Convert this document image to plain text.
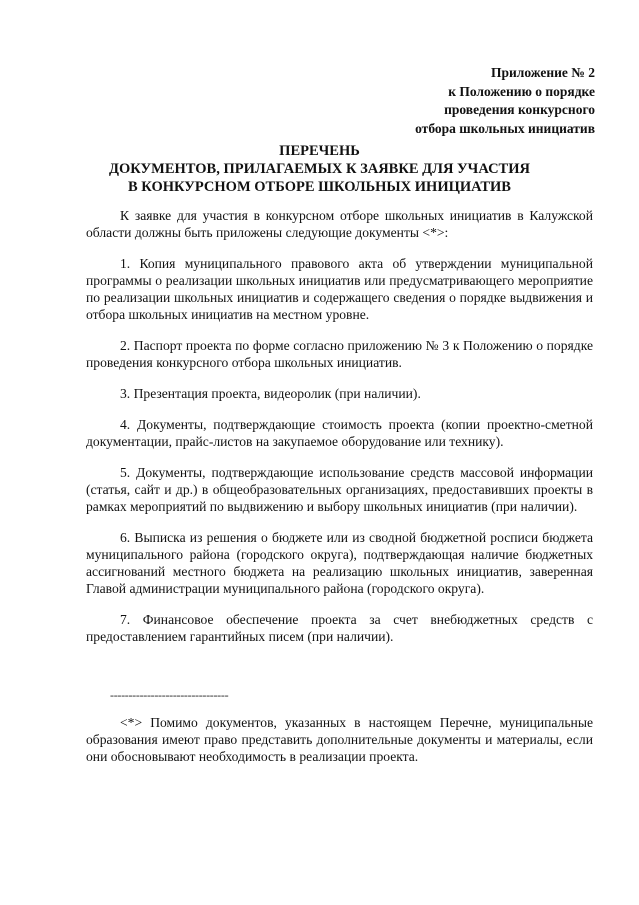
Приложение № 2
к Положению о порядке
проведения конкурсного
отбора школьных инициатив
ПЕРЕЧЕНЬ
ДОКУМЕНТОВ, ПРИЛАГАЕМЫХ К ЗАЯВКЕ ДЛЯ УЧАСТИЯ
В КОНКУРСНОМ ОТБОРЕ ШКОЛЬНЫХ ИНИЦИАТИВ

К заявке для участия в конкурсном отборе школьных инициатив в Калужской области должны быть приложены следующие документы <*>:

1. Копия муниципального правового акта об утверждении муниципальной программы о реализации школьных инициатив или предусматривающего мероприятие по реализации школьных инициатив и содержащего сведения о порядке выдвижения и отбора школьных инициатив на местном уровне.

2. Паспорт проекта по форме согласно приложению № 3 к Положению о порядке проведения конкурсного отбора школьных инициатив.

3. Презентация проекта, видеоролик (при наличии).

4. Документы, подтверждающие стоимость проекта (копии проектно-сметной документации, прайс-листов на закупаемое оборудование или технику).

5. Документы, подтверждающие использование средств массовой информации (статья, сайт и др.) в общеобразовательных организациях, предоставивших проекты в рамках мероприятий по выдвижению и выбору школьных инициатив (при наличии).

6. Выписка из решения о бюджете или из сводной бюджетной росписи бюджета муниципального района (городского округа), подтверждающая наличие бюджетных ассигнований местного бюджета на реализацию школьных инициатив, заверенная Главой администрации муниципального района (городского округа).

7. Финансовое обеспечение проекта за счет внебюджетных средств с предоставлением гарантийных писем (при наличии).

--------------------------------

<*> Помимо документов, указанных в настоящем Перечне, муниципальные образования имеют право представить дополнительные документы и материалы, если они обосновывают необходимость в реализации проекта.
